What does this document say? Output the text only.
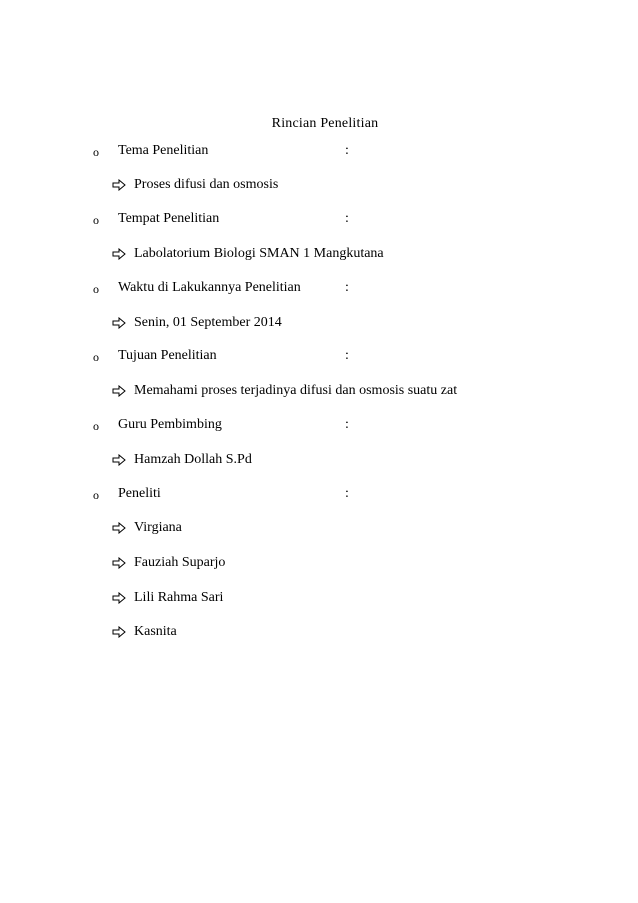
Rincian Penelitian
o Tema Penelitian	:
Proses difusi dan osmosis
o Tempat Penelitian	:
Labolatorium Biologi SMAN 1 Mangkutana
o Waktu di Lakukannya Penelitian	:
Senin, 01 September 2014
o Tujuan Penelitian	:
Memahami proses terjadinya difusi dan osmosis suatu zat
o Guru Pembimbing	:
Hamzah Dollah S.Pd
o Peneliti	:
Virgiana
Fauziah Suparjo
Lili Rahma Sari
Kasnita
